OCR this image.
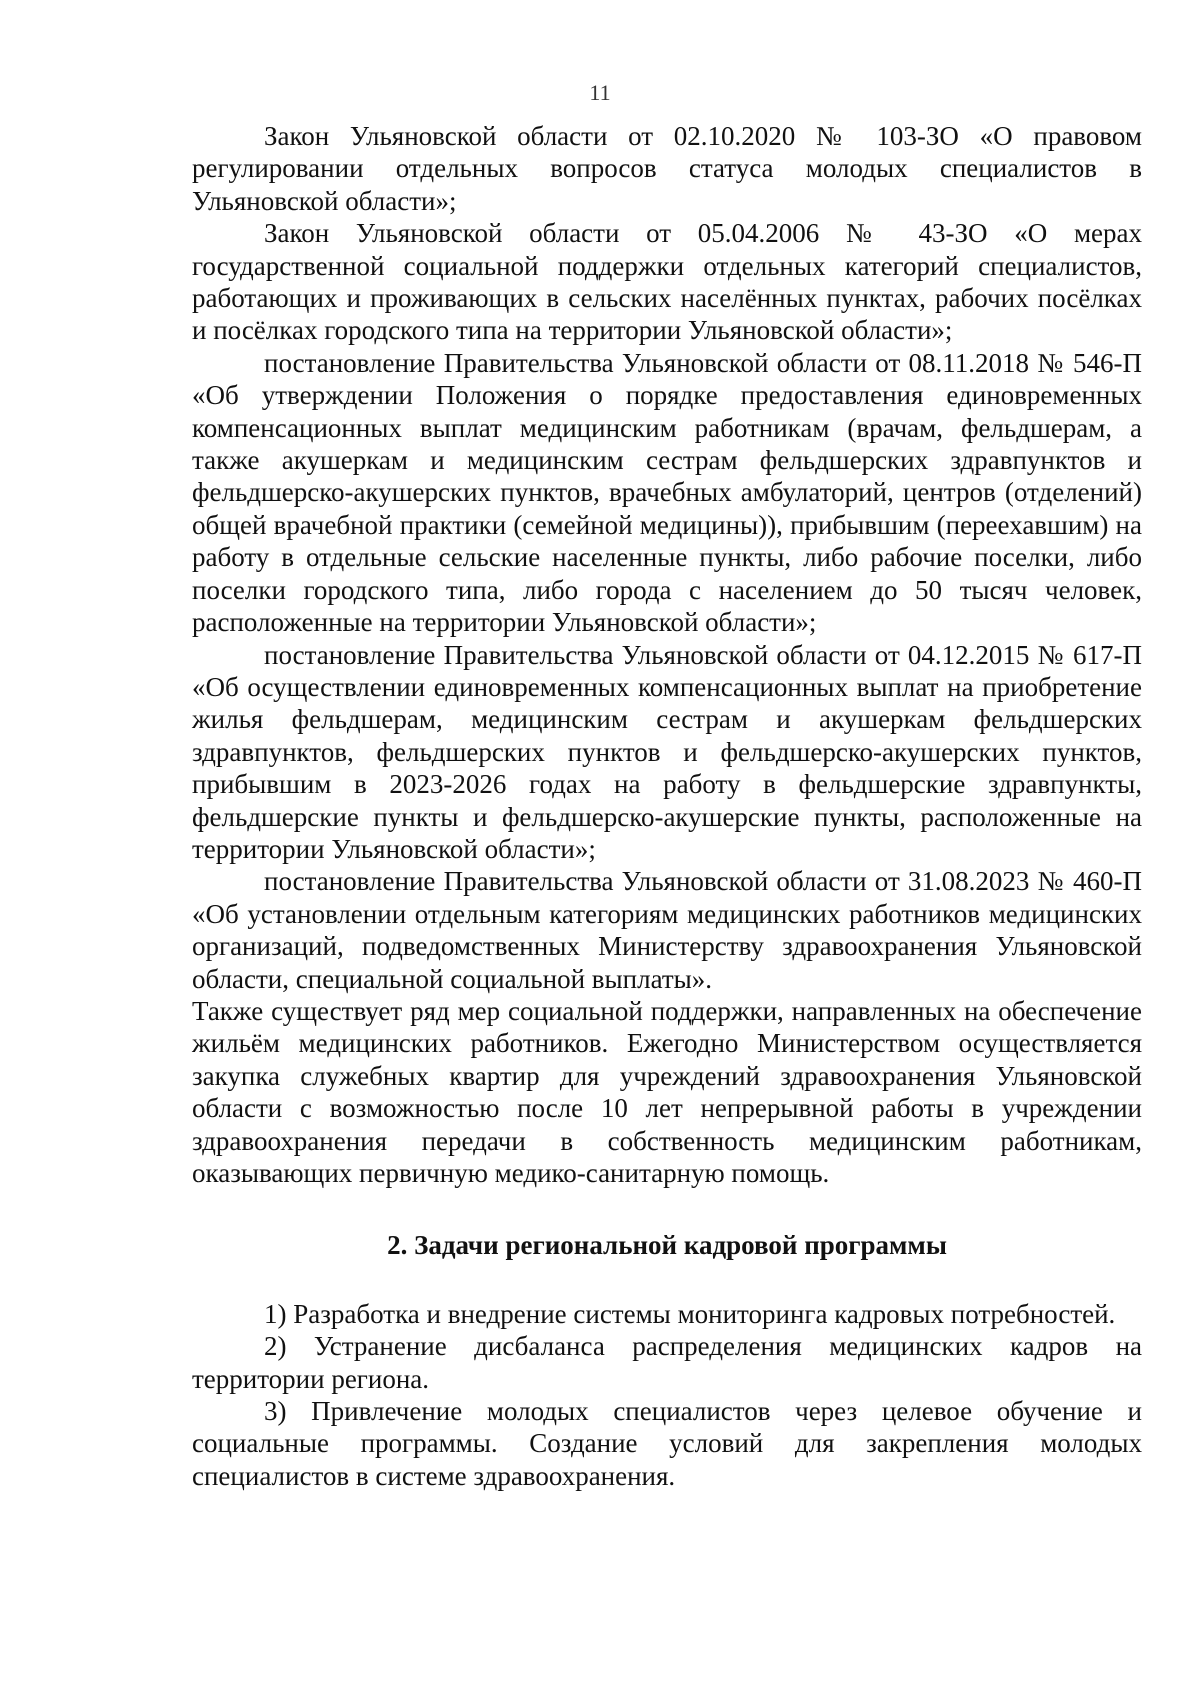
11

Закон Ульяновской области от 02.10.2020 № 103-ЗО «О правовом регулировании отдельных вопросов статуса молодых специалистов в Ульяновской области»;

Закон Ульяновской области от 05.04.2006 № 43-ЗО «О мерах государственной социальной поддержки отдельных категорий специалистов, работающих и проживающих в сельских населённых пунктах, рабочих посёлках и посёлках городского типа на территории Ульяновской области»;

постановление Правительства Ульяновской области от 08.11.2018 № 546-П «Об утверждении Положения о порядке предоставления единовременных компенсационных выплат медицинским работникам (врачам, фельдшерам, а также акушеркам и медицинским сестрам фельдшерских здравпунктов и фельдшерско-акушерских пунктов, врачебных амбулаторий, центров (отделений) общей врачебной практики (семейной медицины)), прибывшим (переехавшим) на работу в отдельные сельские населенные пункты, либо рабочие поселки, либо поселки городского типа, либо города с населением до 50 тысяч человек, расположенные на территории Ульяновской области»;

постановление Правительства Ульяновской области от 04.12.2015 № 617-П «Об осуществлении единовременных компенсационных выплат на приобретение жилья фельдшерам, медицинским сестрам и акушеркам фельдшерских здравпунктов, фельдшерских пунктов и фельдшерско-акушерских пунктов, прибывшим в 2023-2026 годах на работу в фельдшерские здравпункты, фельдшерские пункты и фельдшерско-акушерские пункты, расположенные на территории Ульяновской области»;

постановление Правительства Ульяновской области от 31.08.2023 № 460-П «Об установлении отдельным категориям медицинских работников медицинских организаций, подведомственных Министерству здравоохранения Ульяновской области, специальной социальной выплаты».

Также существует ряд мер социальной поддержки, направленных на обеспечение жильём медицинских работников. Ежегодно Министерством осуществляется закупка служебных квартир для учреждений здравоохранения Ульяновской области с возможностью после 10 лет непрерывной работы в учреждении здравоохранения передачи в собственность медицинским работникам, оказывающих первичную медико-санитарную помощь.

2. Задачи региональной кадровой программы

1) Разработка и внедрение системы мониторинга кадровых потребностей.

2) Устранение дисбаланса распределения медицинских кадров на территории региона.

3) Привлечение молодых специалистов через целевое обучение и социальные программы. Создание условий для закрепления молодых специалистов в системе здравоохранения.
